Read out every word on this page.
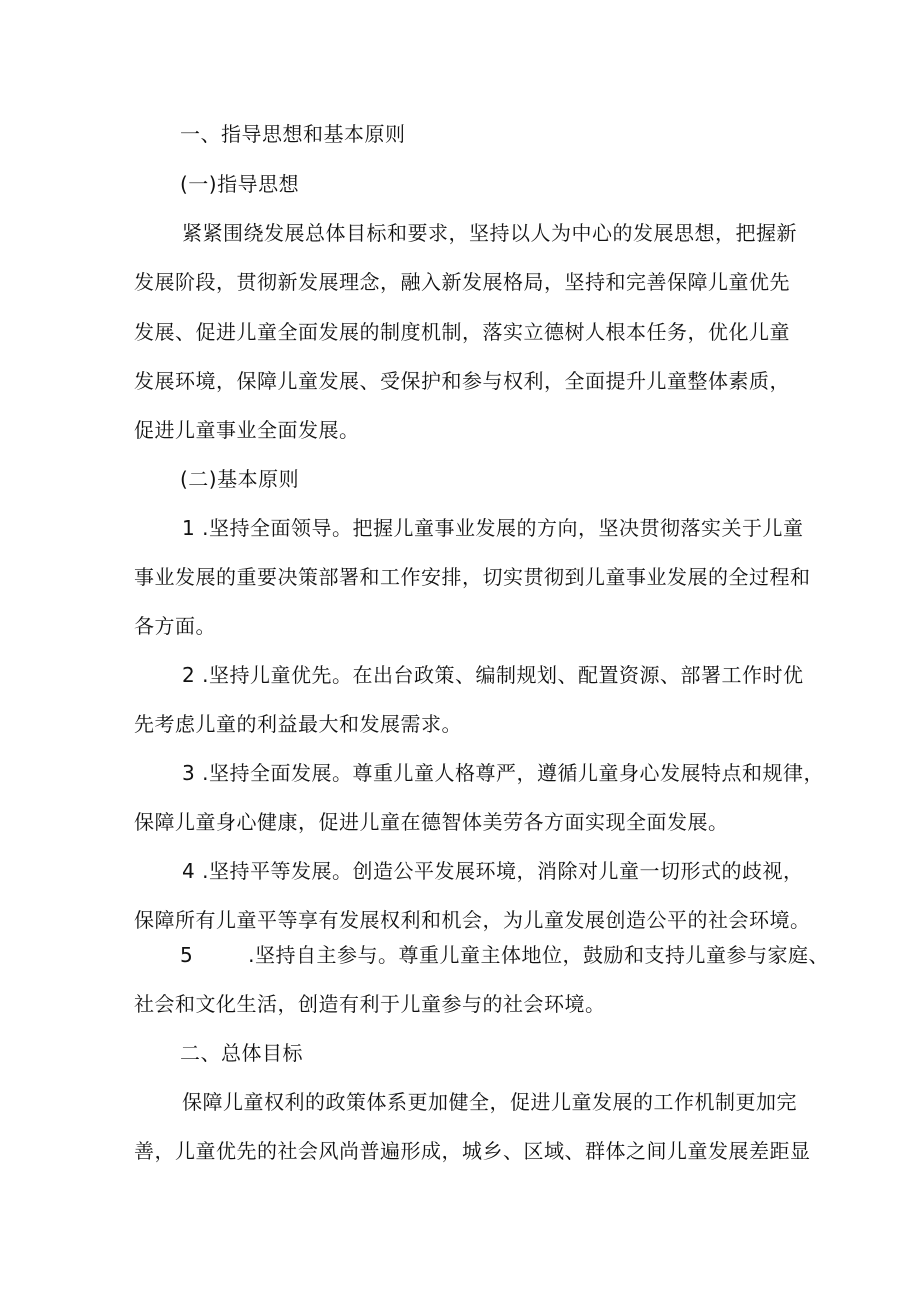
一、指导思想和基本原则
(一)指导思想
紧紧围绕发展总体目标和要求，坚持以人为中心的发展思想，把握新
发展阶段，贯彻新发展理念，融入新发展格局，坚持和完善保障儿童优先
发展、促进儿童全面发展的制度机制，落实立德树人根本任务，优化儿童
发展环境，保障儿童发展、受保护和参与权利，全面提升儿童整体素质，
促进儿童事业全面发展。
(二)基本原则
1 .坚持全面领导。把握儿童事业发展的方向，坚决贯彻落实关于儿童
事业发展的重要决策部署和工作安排，切实贯彻到儿童事业发展的全过程和
各方面。
2 .坚持儿童优先。在出台政策、编制规划、配置资源、部署工作时优
先考虑儿童的利益最大和发展需求。
3 .坚持全面发展。尊重儿童人格尊严，遵循儿童身心发展特点和规律，
保障儿童身心健康，促进儿童在德智体美劳各方面实现全面发展。
4 .坚持平等发展。创造公平发展环境，消除对儿童一切形式的歧视，
保障所有儿童平等享有发展权利和机会，为儿童发展创造公平的社会环境。
5        .坚持自主参与。尊重儿童主体地位，鼓励和支持儿童参与家庭、
社会和文化生活，创造有利于儿童参与的社会环境。
二、总体目标
保障儿童权利的政策体系更加健全，促进儿童发展的工作机制更加完
善，儿童优先的社会风尚普遍形成，城乡、区域、群体之间儿童发展差距显
